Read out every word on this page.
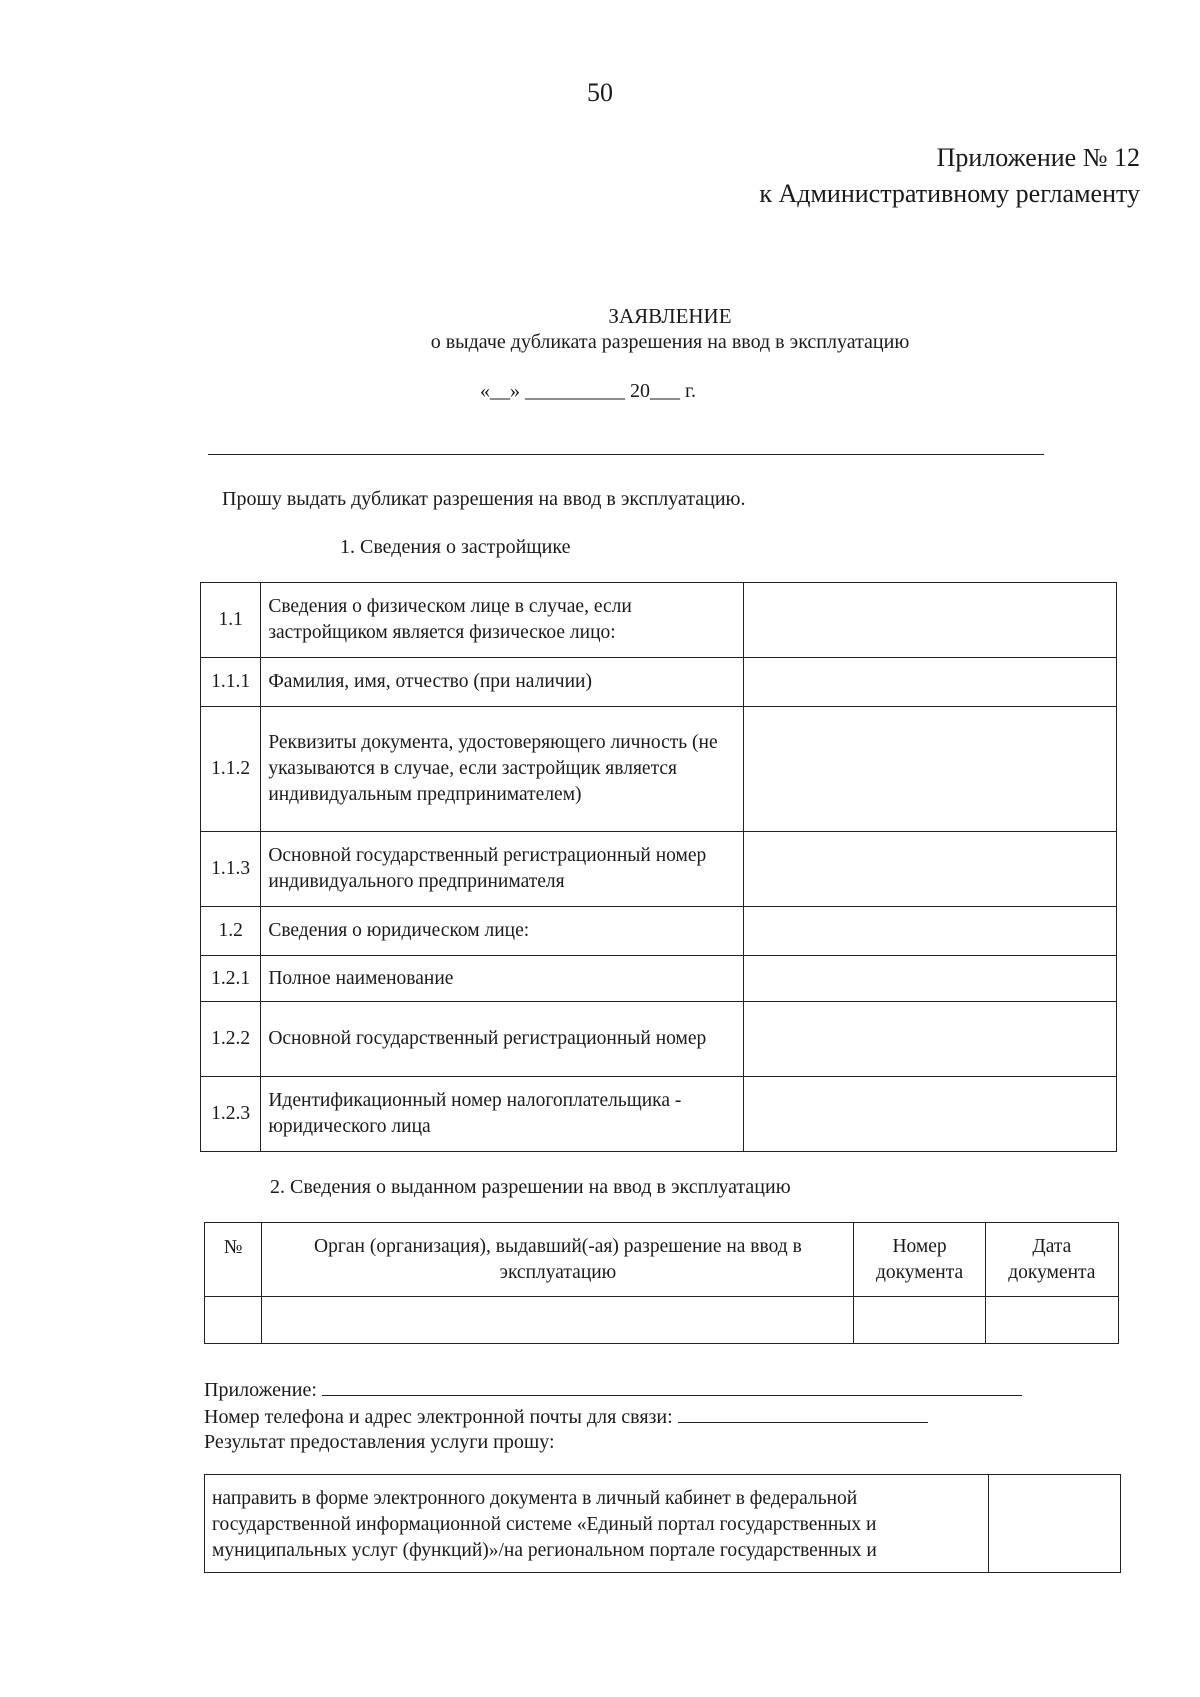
50
Приложение № 12
к Административному регламенту
ЗАЯВЛЕНИЕ
о выдаче дубликата разрешения на ввод в эксплуатацию
«__» __________ 20___ г.
Прошу выдать дубликат разрешения на ввод в эксплуатацию.
1. Сведения о застройщике
1.1	Сведения о физическом лице в случае, если застройщиком является физическое лицо:	
1.1.1	Фамилия, имя, отчество (при наличии)	
1.1.2	Реквизиты документа, удостоверяющего личность (не указываются в случае, если застройщик является индивидуальным предпринимателем)	
1.1.3	Основной государственный регистрационный номер индивидуального предпринимателя	
1.2	Сведения о юридическом лице:	
1.2.1	Полное наименование	
1.2.2	Основной государственный регистрационный номер	
1.2.3	Идентификационный номер налогоплательщика - юридического лица	
2. Сведения о выданном разрешении на ввод в эксплуатацию
№	Орган (организация), выдавший(-ая) разрешение на ввод в эксплуатацию	Номер документа	Дата документа

Приложение:
Номер телефона и адрес электронной почты для связи:
Результат предоставления услуги прошу:
направить в форме электронного документа в личный кабинет в федеральной государственной информационной системе «Единый портал государственных и муниципальных услуг (функций)»/на региональном портале государственных и	
